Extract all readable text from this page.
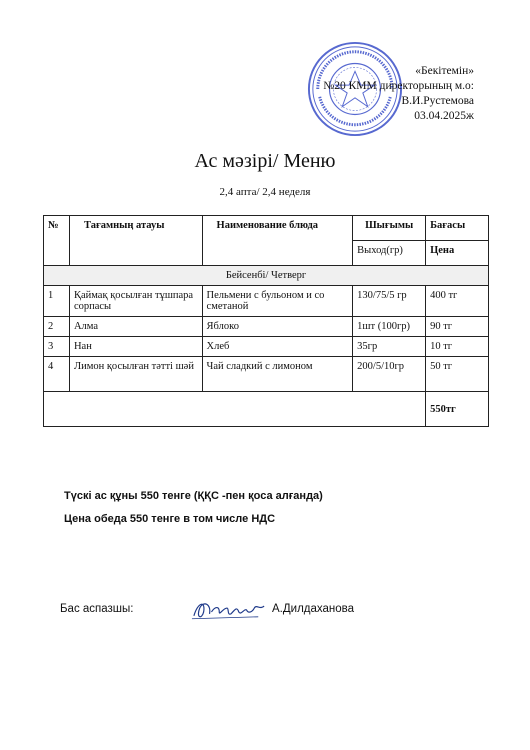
«Бекітемін»
№20 КММ директорының м.о:
В.И.Рустемова
03.04.2025ж
Ас мәзірі/ Меню
2,4 апта/ 2,4 неделя
№	Тағамның атауы	Наименование блюда	Шығымы	Бағасы
			Выход(гр)	Цена
Бейсенбі/ Четверг				
1	Қаймақ қосылған тұшпара сорпасы	Пельмени с бульоном и со сметаной	130/75/5 гр	400 тг
2	Алма	Яблоко	1шт (100гр)	90 тг
3	Нан	Хлеб	35гр	10 тг
4	Лимон қосылған тәтті шәй	Чай сладкий с лимоном	200/5/10гр	50 тг
				550тг
Түскі ас құны 550 тенге (ҚҚС -пен қоса алғанда)
Цена обеда 550 тенге в том числе НДС
Бас аспазшы:	А.Дилдаханова
